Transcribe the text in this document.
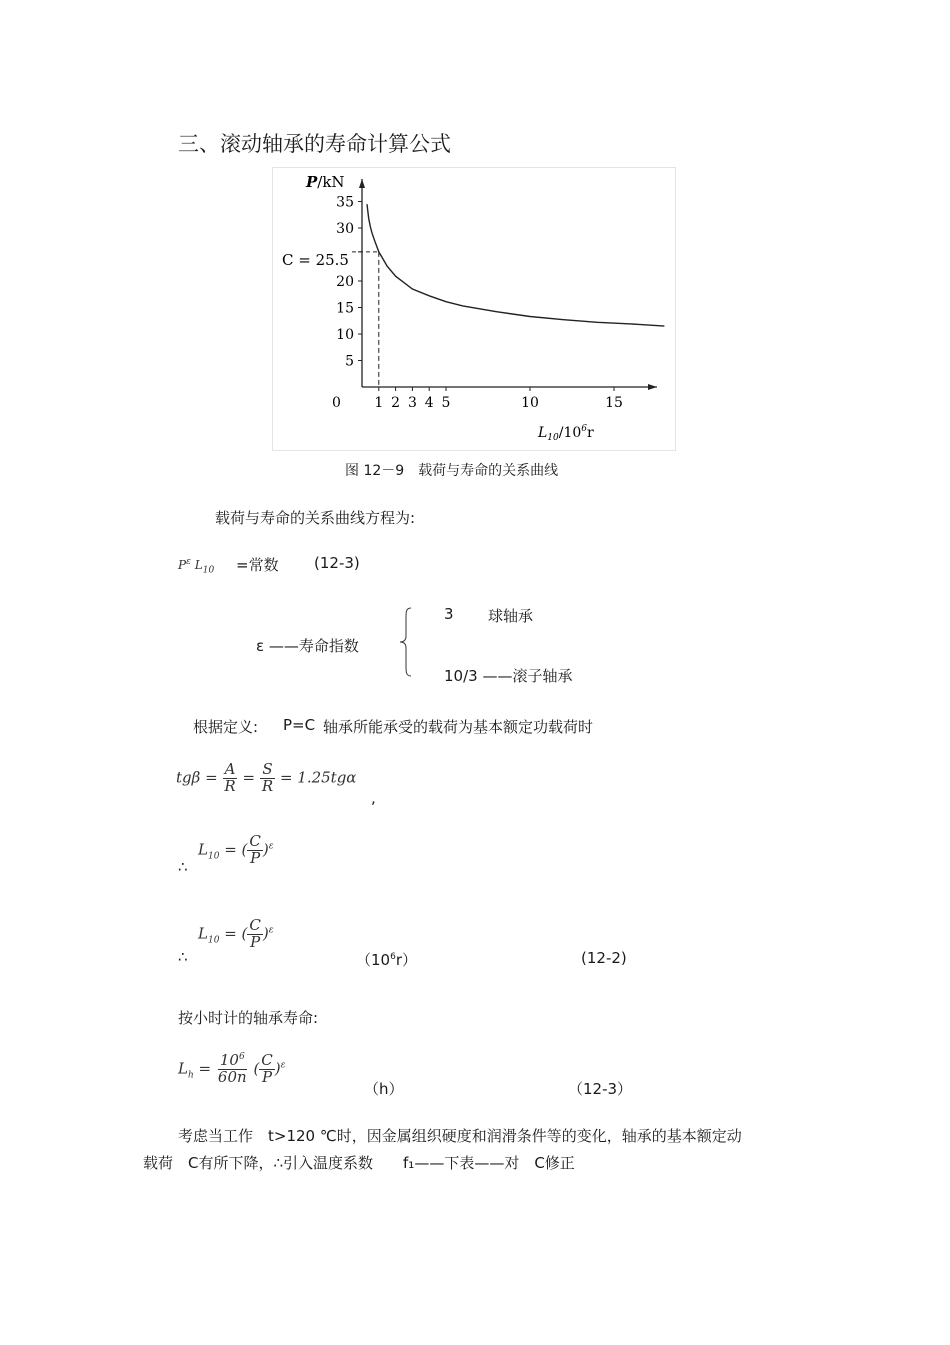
三、滚动轴承的寿命计算公式
5
10
15
20
30
35
1 2 3 4 5	10	15
P/kN
C = 25.5
0
$L_{10}/10^6r$
图 12－9　载荷与寿命的关系曲线
载荷与寿命的关系曲线方程为:
$P^\varepsilon$ $L_{10}$ =常数 (12-3)
ε ——寿命指数
3 球轴承
10/3 ——滚子轴承
根据定义: P=C 轴承所能承受的载荷为基本额定功载荷时
$tg\beta = \frac{A}{R} = \frac{S}{R} = 1.25tg\alpha$
,
∴
$L_{10}$ = ( $\frac{C}{P} )^\varepsilon$
∴
$L_{10}$ = ( $\frac{C}{P} )^\varepsilon$
$(10^6r)$	(12-2)
按小时计的轴承寿命:
$L_h = \frac{10^6}{60n}$ ( $\frac{C}{P} )^\varepsilon$
（h）	（12-3）
考虑当工作　t>120 ℃时，因金属组织硬度和润滑条件等的变化，轴承的基本额定动
载荷　C有所下降，∴引入温度系数　　f₁——下表——对　C修正
